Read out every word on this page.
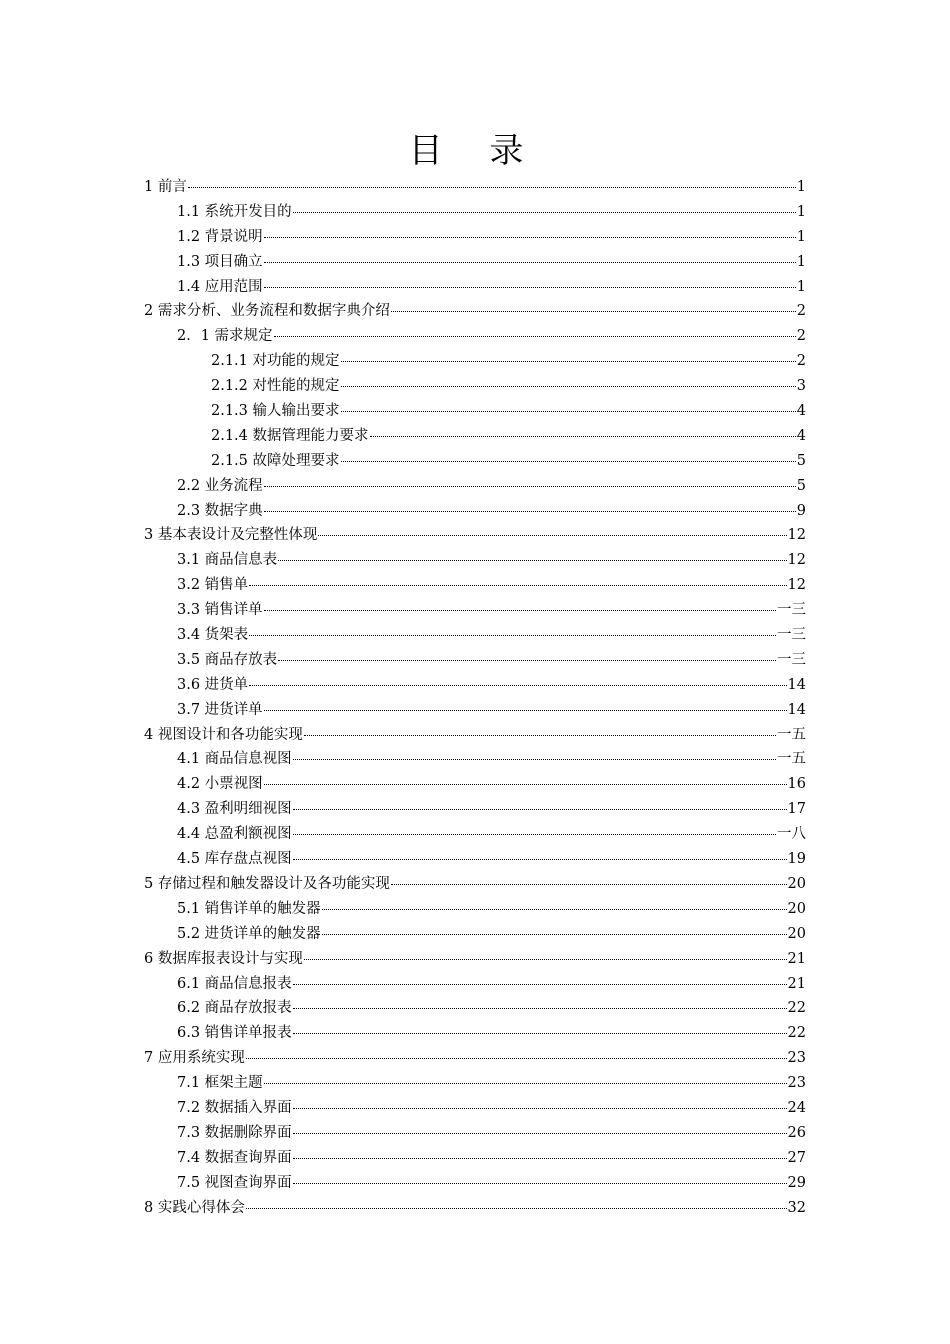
目 录
1 前言	1
1.1 系统开发目的	1
1.2 背景说明	1
1.3 项目确立	1
1.4 应用范围	1
2 需求分析、业务流程和数据字典介绍	2
2．1 需求规定	2
2.1.1 对功能的规定	2
2.1.2 对性能的规定	3
2.1.3 输人输出要求	4
2.1.4 数据管理能力要求	4
2.1.5 故障处理要求	5
2.2 业务流程	5
2.3 数据字典	9
3 基本表设计及完整性体现	12
3.1 商品信息表	12
3.2 销售单	12
3.3 销售详单	一三
3.4 货架表	一三
3.5 商品存放表	一三
3.6 进货单	14
3.7 进货详单	14
4 视图设计和各功能实现	一五
4.1 商品信息视图	一五
4.2 小票视图	16
4.3 盈利明细视图	17
4.4 总盈利额视图	一八
4.5 库存盘点视图	19
5 存储过程和触发器设计及各功能实现	20
5.1 销售详单的触发器	20
5.2 进货详单的触发器	20
6 数据库报表设计与实现	21
6.1 商品信息报表	21
6.2 商品存放报表	22
6.3 销售详单报表	22
7 应用系统实现	23
7.1 框架主题	23
7.2 数据插入界面	24
7.3 数据删除界面	26
7.4 数据查询界面	27
7.5 视图查询界面	29
8 实践心得体会	32
